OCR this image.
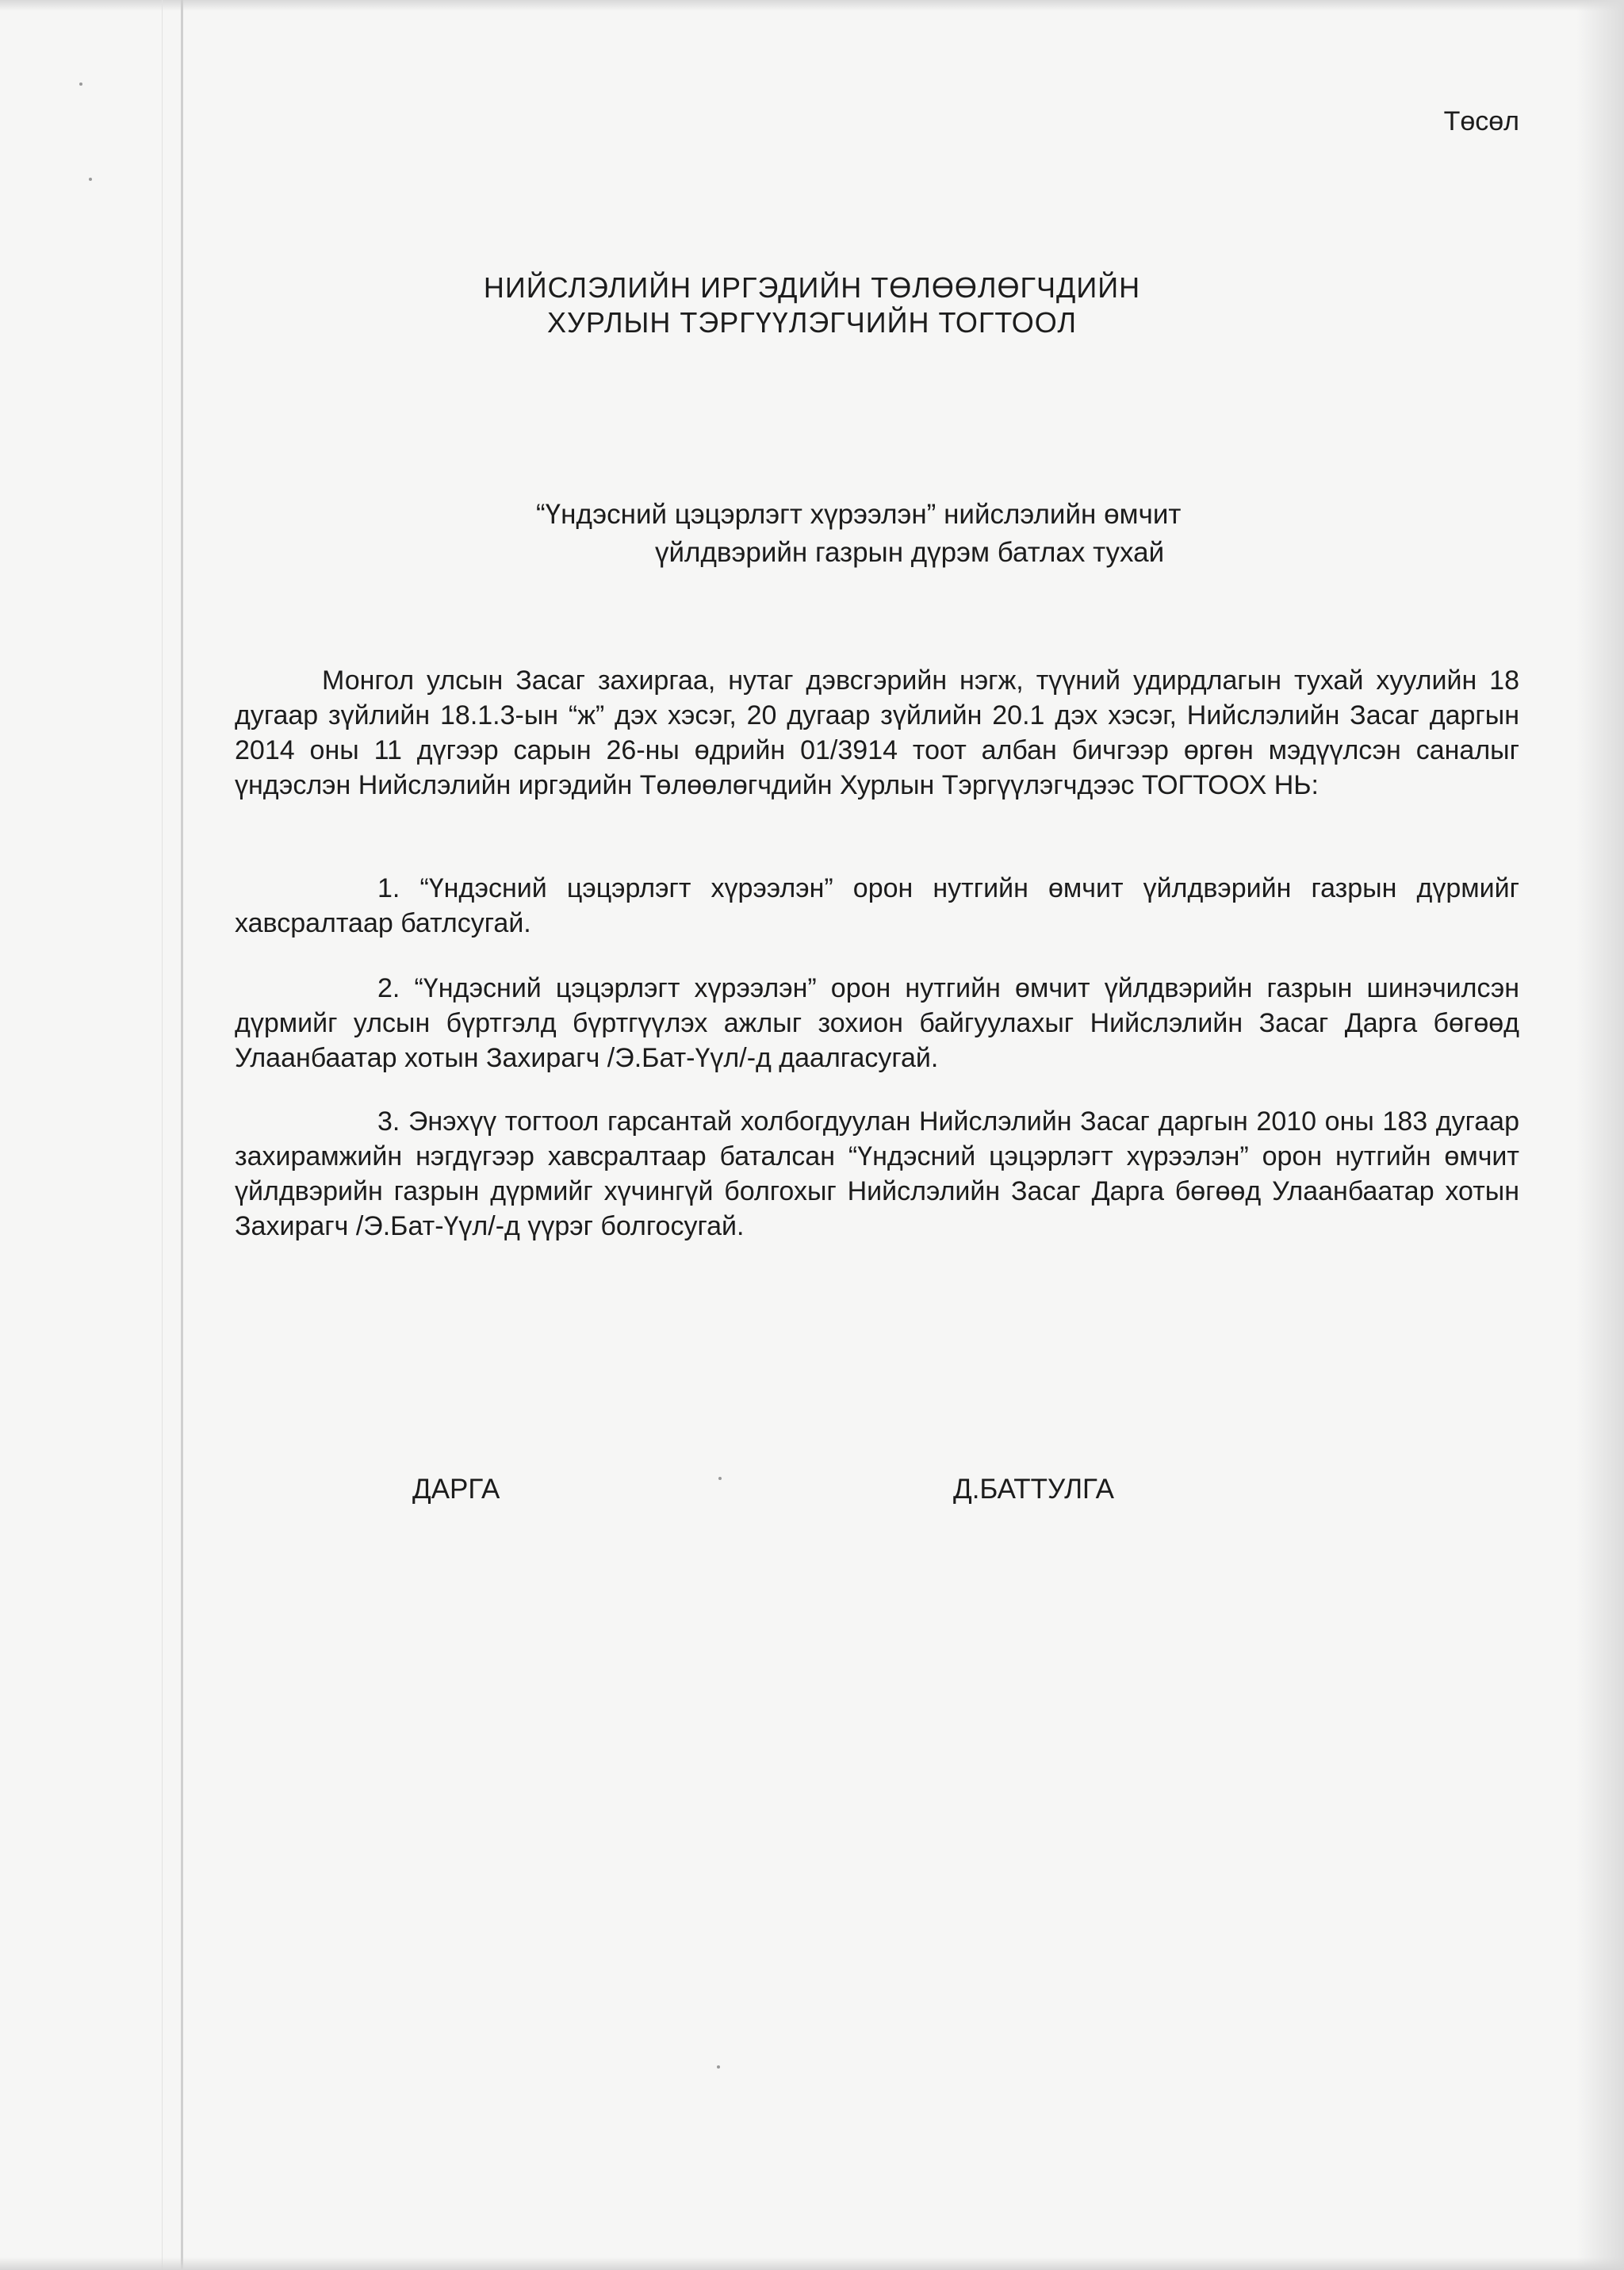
Төсөл

НИЙСЛЭЛИЙН ИРГЭДИЙН ТӨЛӨӨЛӨГЧДИЙН

ХУРЛЫН ТЭРГҮҮЛЭГЧИЙН ТОГТООЛ

“Үндэсний цэцэрлэгт хүрээлэн” нийслэлийн өмчит

үйлдвэрийн газрын дүрэм батлах тухай

Монгол улсын Засаг захиргаа, нутаг дэвсгэрийн нэгж, түүний удирдлагын тухай хуулийн 18 дугаар зүйлийн 18.1.3-ын “ж” дэх хэсэг, 20 дугаар зүйлийн 20.1 дэх хэсэг, Нийслэлийн Засаг даргын 2014 оны 11 дүгээр сарын 26-ны өдрийн 01/3914 тоот албан бичгээр өргөн мэдүүлсэн саналыг үндэслэн Нийслэлийн иргэдийн Төлөөлөгчдийн Хурлын Тэргүүлэгчдээс ТОГТООХ НЬ:

1. “Үндэсний цэцэрлэгт хүрээлэн” орон нутгийн өмчит үйлдвэрийн газрын дүрмийг хавсралтаар батлсугай.

2. “Үндэсний цэцэрлэгт хүрээлэн” орон нутгийн өмчит үйлдвэрийн газрын шинэчилсэн дүрмийг улсын бүртгэлд бүртгүүлэх ажлыг зохион байгуулахыг Нийслэлийн Засаг Дарга бөгөөд Улаанбаатар хотын Захирагч /Э.Бат-Үүл/-д даалгасугай.

3. Энэхүү тогтоол гарсантай холбогдуулан Нийслэлийн Засаг даргын 2010 оны 183 дугаар захирамжийн нэгдүгээр хавсралтаар баталсан “Үндэсний цэцэрлэгт хүрээлэн” орон нутгийн өмчит үйлдвэрийн газрын дүрмийг хүчингүй болгохыг Нийслэлийн Засаг Дарга бөгөөд Улаанбаатар хотын Захирагч /Э.Бат-Үүл/-д үүрэг болгосугай.

ДАРГА	Д.БАТТУЛГА
